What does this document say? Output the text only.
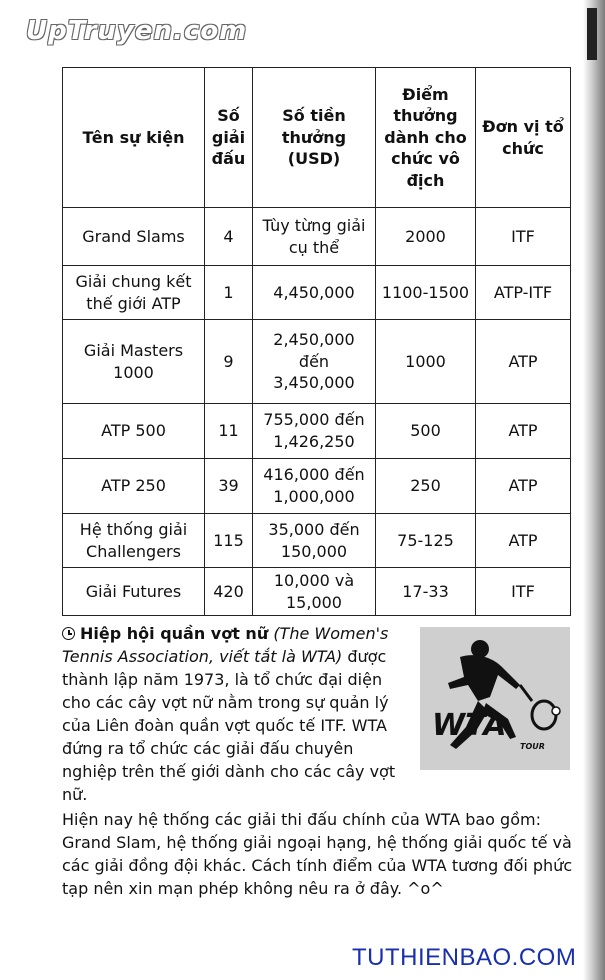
UpTruyen.com
Tên sự kiện	Số giải đấu	Số tiền thưởng (USD)	Điểm thưởng dành cho chức vô địch	Đơn vị tổ chức
Grand Slams	4	Tùy từng giải cụ thể	2000	ITF
Giải chung kết thế giới ATP	1	4,450,000	1100-1500	ATP-ITF
Giải Masters 1000	9	2,450,000 đến 3,450,000	1000	ATP
ATP 500	11	755,000 đến 1,426,250	500	ATP
ATP 250	39	416,000 đến 1,000,000	250	ATP
Hệ thống giải Challengers	115	35,000 đến 150,000	75-125	ATP
Giải Futures	420	10,000 và 15,000	17-33	ITF
WTA
TOUR

Hiệp hội quần vợt nữ (The Women's Tennis Association, viết tắt là WTA) được thành lập năm 1973, là tổ chức đại diện cho các cây vợt nữ nằm trong sự quản lý của Liên đoàn quần vợt quốc tế ITF. WTA đứng ra tổ chức các giải đấu chuyên nghiệp trên thế giới dành cho các cây vợt nữ.

Hiện nay hệ thống các giải thi đấu chính của WTA bao gồm: Grand Slam, hệ thống giải ngoại hạng, hệ thống giải quốc tế và các giải đồng đội khác. Cách tính điểm của WTA tương đối phức tạp nên xin mạn phép không nêu ra ở đây. ^o^

TUTHIENBAO.COM
